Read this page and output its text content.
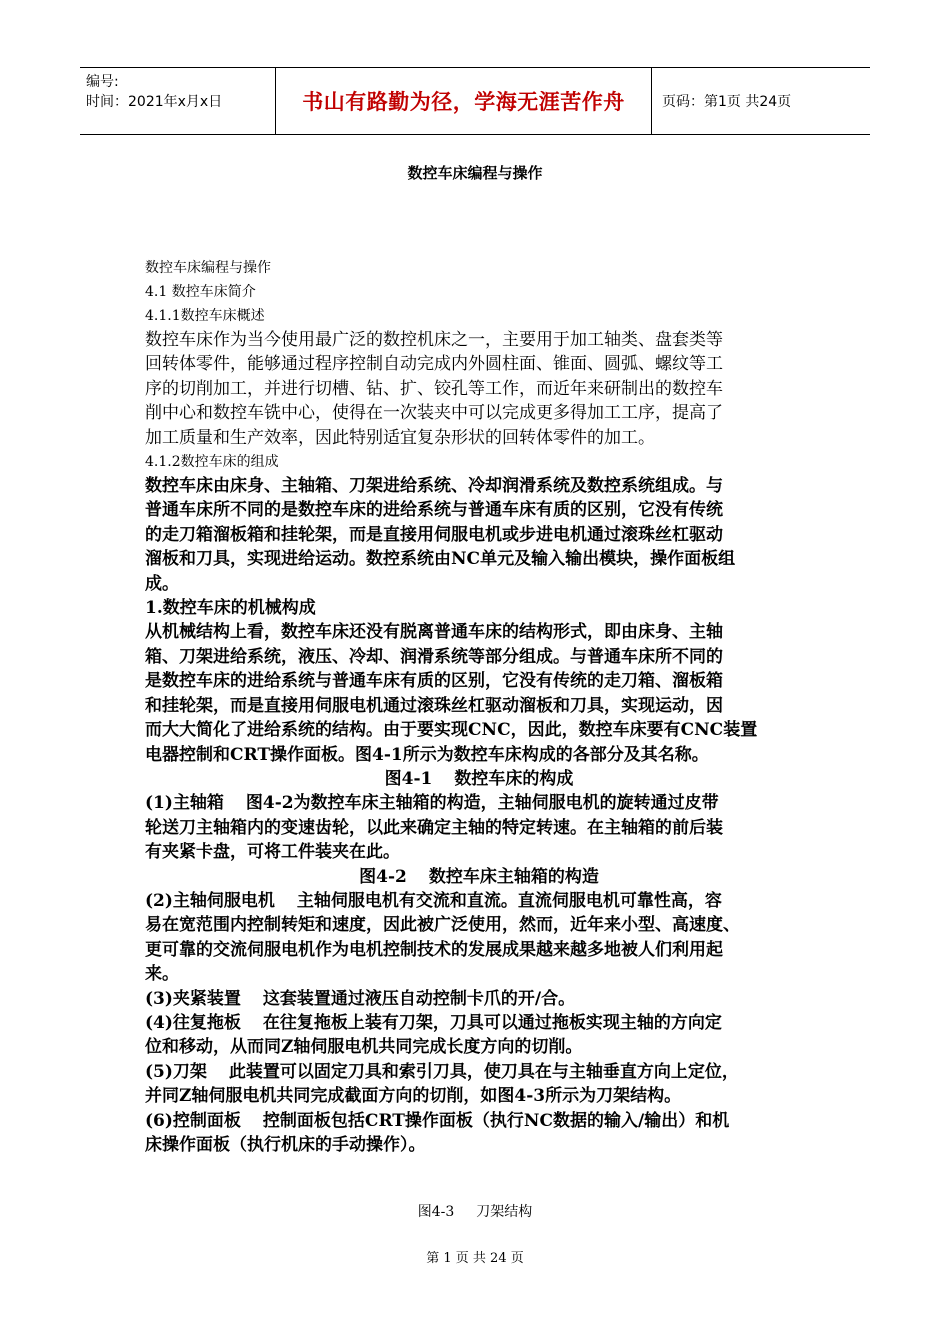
编号:
时间：2021年x月x日	书山有路勤为径，学海无涯苦作舟	页码：第1页 共24页
数控车床编程与操作
数控车床编程与操作
4.1 数控车床简介
4.1.1数控车床概述
数控车床作为当今使用最广泛的数控机床之一，主要用于加工轴类、盘套类等
回转体零件，能够通过程序控制自动完成内外圆柱面、锥面、圆弧、螺纹等工
序的切削加工，并进行切槽、钻、扩、铰孔等工作，而近年来研制出的数控车
削中心和数控车铣中心，使得在一次装夹中可以完成更多得加工工序，提高了
加工质量和生产效率，因此特别适宜复杂形状的回转体零件的加工。
4.1.2数控车床的组成
数控车床由床身、主轴箱、刀架进给系统、冷却润滑系统及数控系统组成。与
普通车床所不同的是数控车床的进给系统与普通车床有质的区别，它没有传统
的走刀箱溜板箱和挂轮架，而是直接用伺服电机或步进电机通过滚珠丝杠驱动
溜板和刀具，实现进给运动。数控系统由NC单元及输入输出模块，操作面板组
成。
1.数控车床的机械构成
从机械结构上看，数控车床还没有脱离普通车床的结构形式，即由床身、主轴
箱、刀架进给系统，液压、冷却、润滑系统等部分组成。与普通车床所不同的
是数控车床的进给系统与普通车床有质的区别，它没有传统的走刀箱、溜板箱
和挂轮架，而是直接用伺服电机通过滚珠丝杠驱动溜板和刀具，实现运动，因
而大大简化了进给系统的结构。由于要实现CNC，因此，数控车床要有CNC装置
电器控制和CRT操作面板。图4-1所示为数控车床构成的各部分及其名称。
图4-1 数控车床的构成
(1)主轴箱 图4-2为数控车床主轴箱的构造，主轴伺服电机的旋转通过皮带
轮送刀主轴箱内的变速齿轮，以此来确定主轴的特定转速。在主轴箱的前后装
有夹紧卡盘，可将工件装夹在此。
图4-2 数控车床主轴箱的构造
(2)主轴伺服电机 主轴伺服电机有交流和直流。直流伺服电机可靠性高，容
易在宽范围内控制转矩和速度，因此被广泛使用，然而，近年来小型、高速度、
更可靠的交流伺服电机作为电机控制技术的发展成果越来越多地被人们利用起
来。
(3)夹紧装置 这套装置通过液压自动控制卡爪的开/合。
(4)往复拖板 在往复拖板上装有刀架，刀具可以通过拖板实现主轴的方向定
位和移动，从而同Z轴伺服电机共同完成长度方向的切削。
(5)刀架 此装置可以固定刀具和索引刀具，使刀具在与主轴垂直方向上定位，
并同Z轴伺服电机共同完成截面方向的切削，如图4-3所示为刀架结构。
(6)控制面板 控制面板包括CRT操作面板（执行NC数据的输入/输出）和机
床操作面板（执行机床的手动操作）。
图4-3 刀架结构
第 1 页 共 24 页
